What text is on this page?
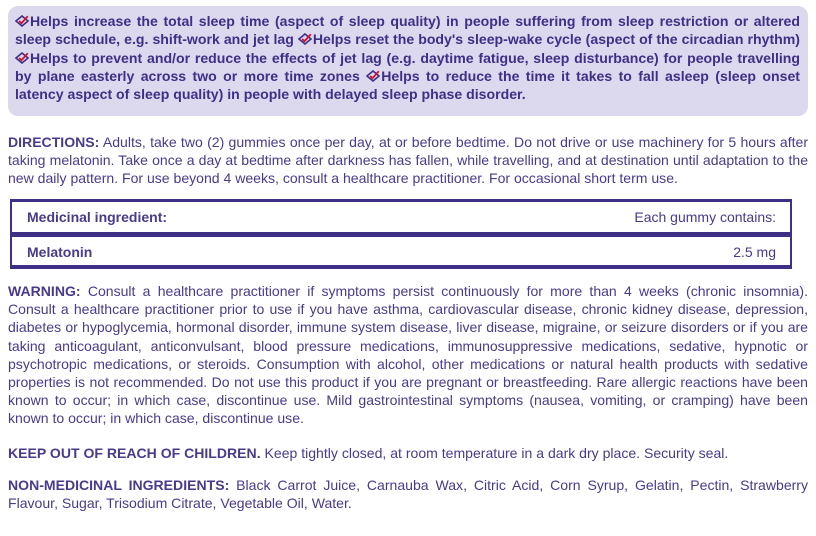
Helps increase the total sleep time (aspect of sleep quality) in people suffering from sleep restriction or altered sleep schedule, e.g. shift-work and jet lag Helps reset the body's sleep-wake cycle (aspect of the circadian rhythm)
Helps to prevent and/or reduce the effects of jet lag (e.g. daytime fatigue, sleep disturbance) for people travelling by plane easterly across two or more time zones Helps to reduce the time it takes to fall asleep (sleep onset latency aspect of sleep quality) in people with delayed sleep phase disorder.
DIRECTIONS: Adults, take two (2) gummies once per day, at or before bedtime. Do not drive or use machinery for 5 hours after taking melatonin. Take once a day at bedtime after darkness has fallen, while travelling, and at destination until adaptation to the new daily pattern. For use beyond 4 weeks, consult a healthcare practitioner. For occasional short term use.
Medicinal ingredient:	Each gummy contains:
Melatonin	2.5 mg
WARNING: Consult a healthcare practitioner if symptoms persist continuously for more than 4 weeks (chronic insomnia). Consult a healthcare practitioner prior to use if you have asthma, cardiovascular disease, chronic kidney disease, depression, diabetes or hypoglycemia, hormonal disorder, immune system disease, liver disease, migraine, or seizure disorders or if you are taking anticoagulant, anticonvulsant, blood pressure medications, immunosuppressive medications, sedative, hypnotic or psychotropic medications, or steroids. Consumption with alcohol, other medications or natural health products with sedative properties is not recommended. Do not use this product if you are pregnant or breastfeeding. Rare allergic reactions have been known to occur; in which case, discontinue use. Mild gastrointestinal symptoms (nausea, vomiting, or cramping) have been known to occur; in which case, discontinue use.
KEEP OUT OF REACH OF CHILDREN. Keep tightly closed, at room temperature in a dark dry place. Security seal.
NON-MEDICINAL INGREDIENTS: Black Carrot Juice, Carnauba Wax, Citric Acid, Corn Syrup, Gelatin, Pectin, Strawberry Flavour, Sugar, Trisodium Citrate, Vegetable Oil, Water.
